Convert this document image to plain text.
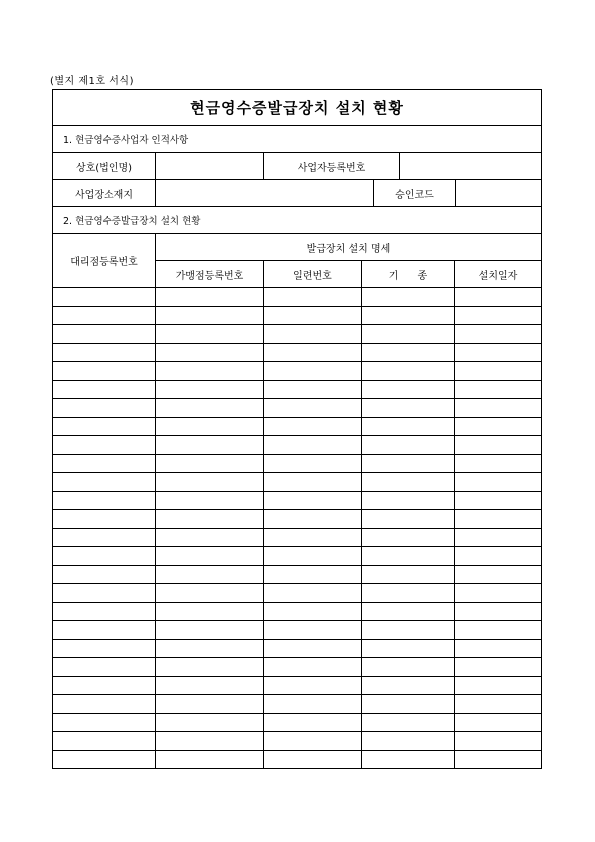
(별지 제1호 서식)
현금영수증발급장치 설치 현황
1. 현금영수증사업자 인적사항
상호(법인명)	사업자등록번호
사업장소재지	승인코드
2. 현금영수증발급장치 설치 현황
대리점등록번호
발급장치 설치 명세
가맹점등록번호	일련번호	기      종	설치일자
